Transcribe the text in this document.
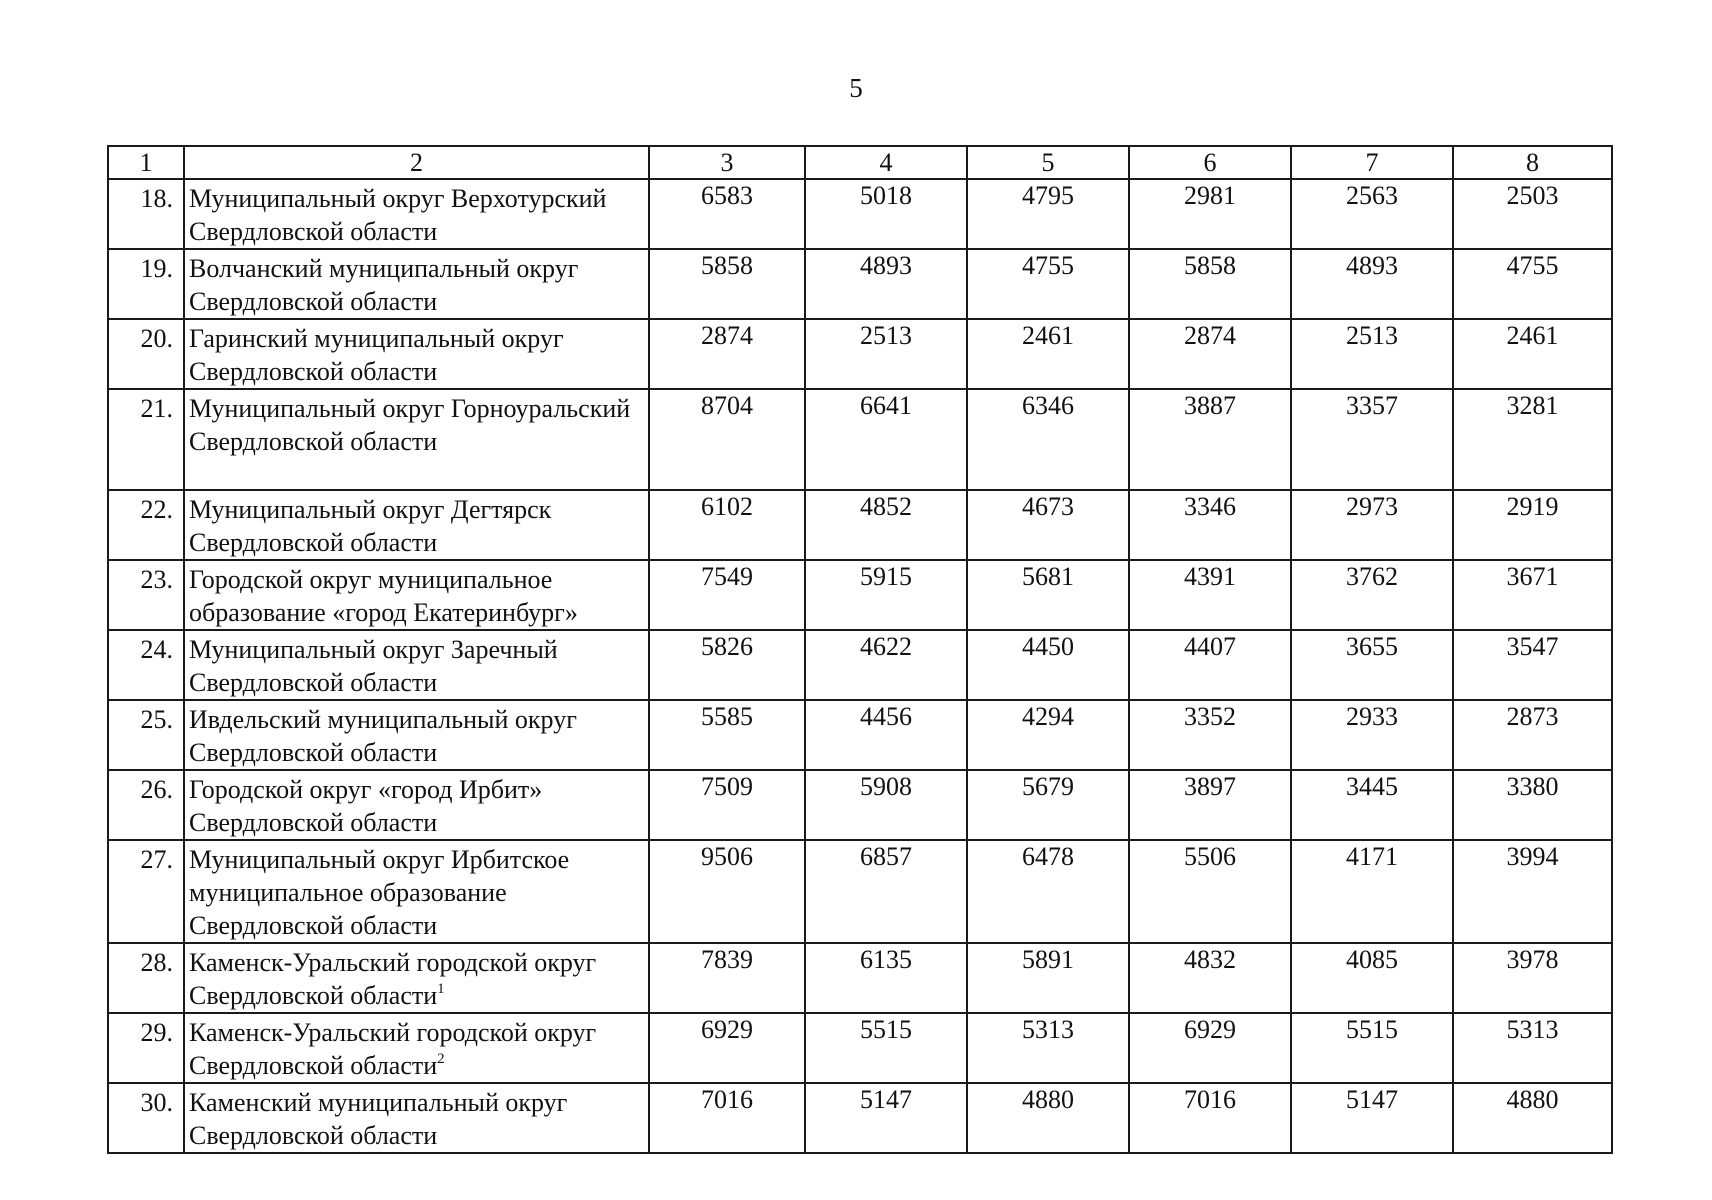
5
1	2	3	4	5	6	7	8
18.	Муниципальный округ Верхотурский Свердловской области	6583	5018	4795	2981	2563	2503
19.	Волчанский муниципальный округ Свердловской области	5858	4893	4755	5858	4893	4755
20.	Гаринский муниципальный округ Свердловской области	2874	2513	2461	2874	2513	2461
21.	Муниципальный округ Горноуральский Свердловской области	8704	6641	6346	3887	3357	3281
22.	Муниципальный округ Дегтярск Свердловской области	6102	4852	4673	3346	2973	2919
23.	Городской округ муниципальное образование «город Екатеринбург»	7549	5915	5681	4391	3762	3671
24.	Муниципальный округ Заречный Свердловской области	5826	4622	4450	4407	3655	3547
25.	Ивдельский муниципальный округ Свердловской области	5585	4456	4294	3352	2933	2873
26.	Городской округ «город Ирбит» Свердловской области	7509	5908	5679	3897	3445	3380
27.	Муниципальный округ Ирбитское муниципальное образование Свердловской области	9506	6857	6478	5506	4171	3994
28.	Каменск-Уральский городской округ Свердловской области$^1$	7839	6135	5891	4832	4085	3978
29.	Каменск-Уральский городской округ Свердловской области$^2$	6929	5515	5313	6929	5515	5313
30.	Каменский муниципальный округ Свердловской области	7016	5147	4880	7016	5147	4880
